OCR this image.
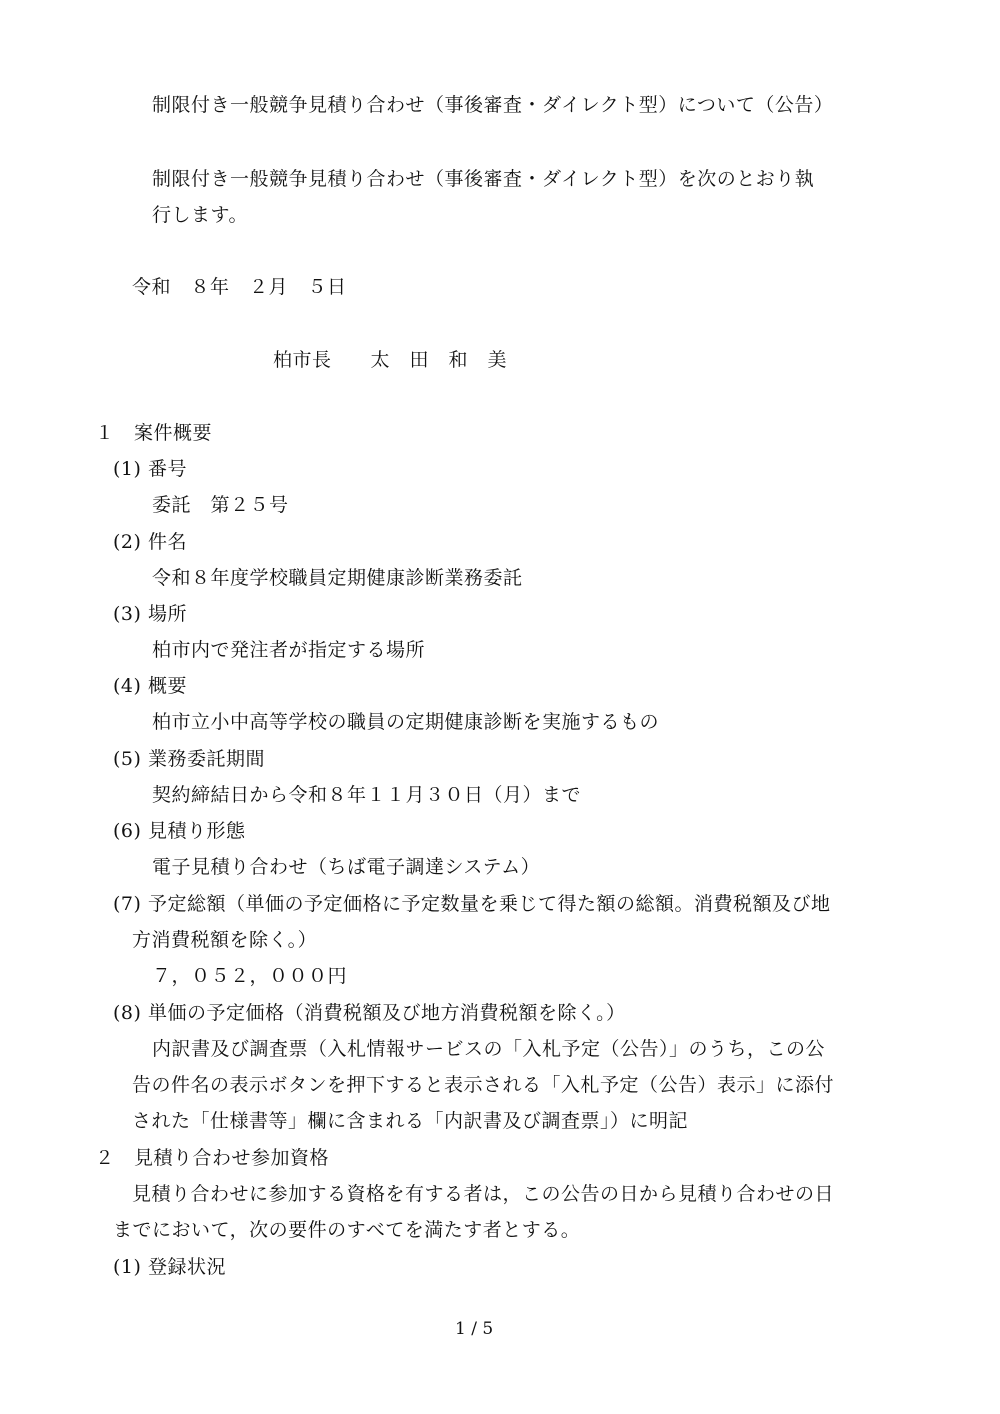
制限付き一般競争見積り合わせ（事後審査・ダイレクト型）について（公告）
制限付き一般競争見積り合わせ（事後審査・ダイレクト型）を次のとおり執
行します。
令和　８年　２月　５日
柏市長　　太　田　和　美
１　案件概要
(1) 番号
委託　第２５号
(2) 件名
令和８年度学校職員定期健康診断業務委託
(3) 場所
柏市内で発注者が指定する場所
(4) 概要
柏市立小中高等学校の職員の定期健康診断を実施するもの
(5) 業務委託期間
契約締結日から令和８年１１月３０日（月）まで
(6) 見積り形態
電子見積り合わせ（ちば電子調達システム）
(7) 予定総額（単価の予定価格に予定数量を乗じて得た額の総額。消費税額及び地
方消費税額を除く。）
７，０５２，０００円
(8) 単価の予定価格（消費税額及び地方消費税額を除く。）
内訳書及び調査票（入札情報サービスの「入札予定（公告）」のうち，この公
告の件名の表示ボタンを押下すると表示される「入札予定（公告）表示」に添付
された「仕様書等」欄に含まれる「内訳書及び調査票」）に明記
２　見積り合わせ参加資格
見積り合わせに参加する資格を有する者は，この公告の日から見積り合わせの日
までにおいて，次の要件のすべてを満たす者とする。
(1) 登録状況
1 / 5
